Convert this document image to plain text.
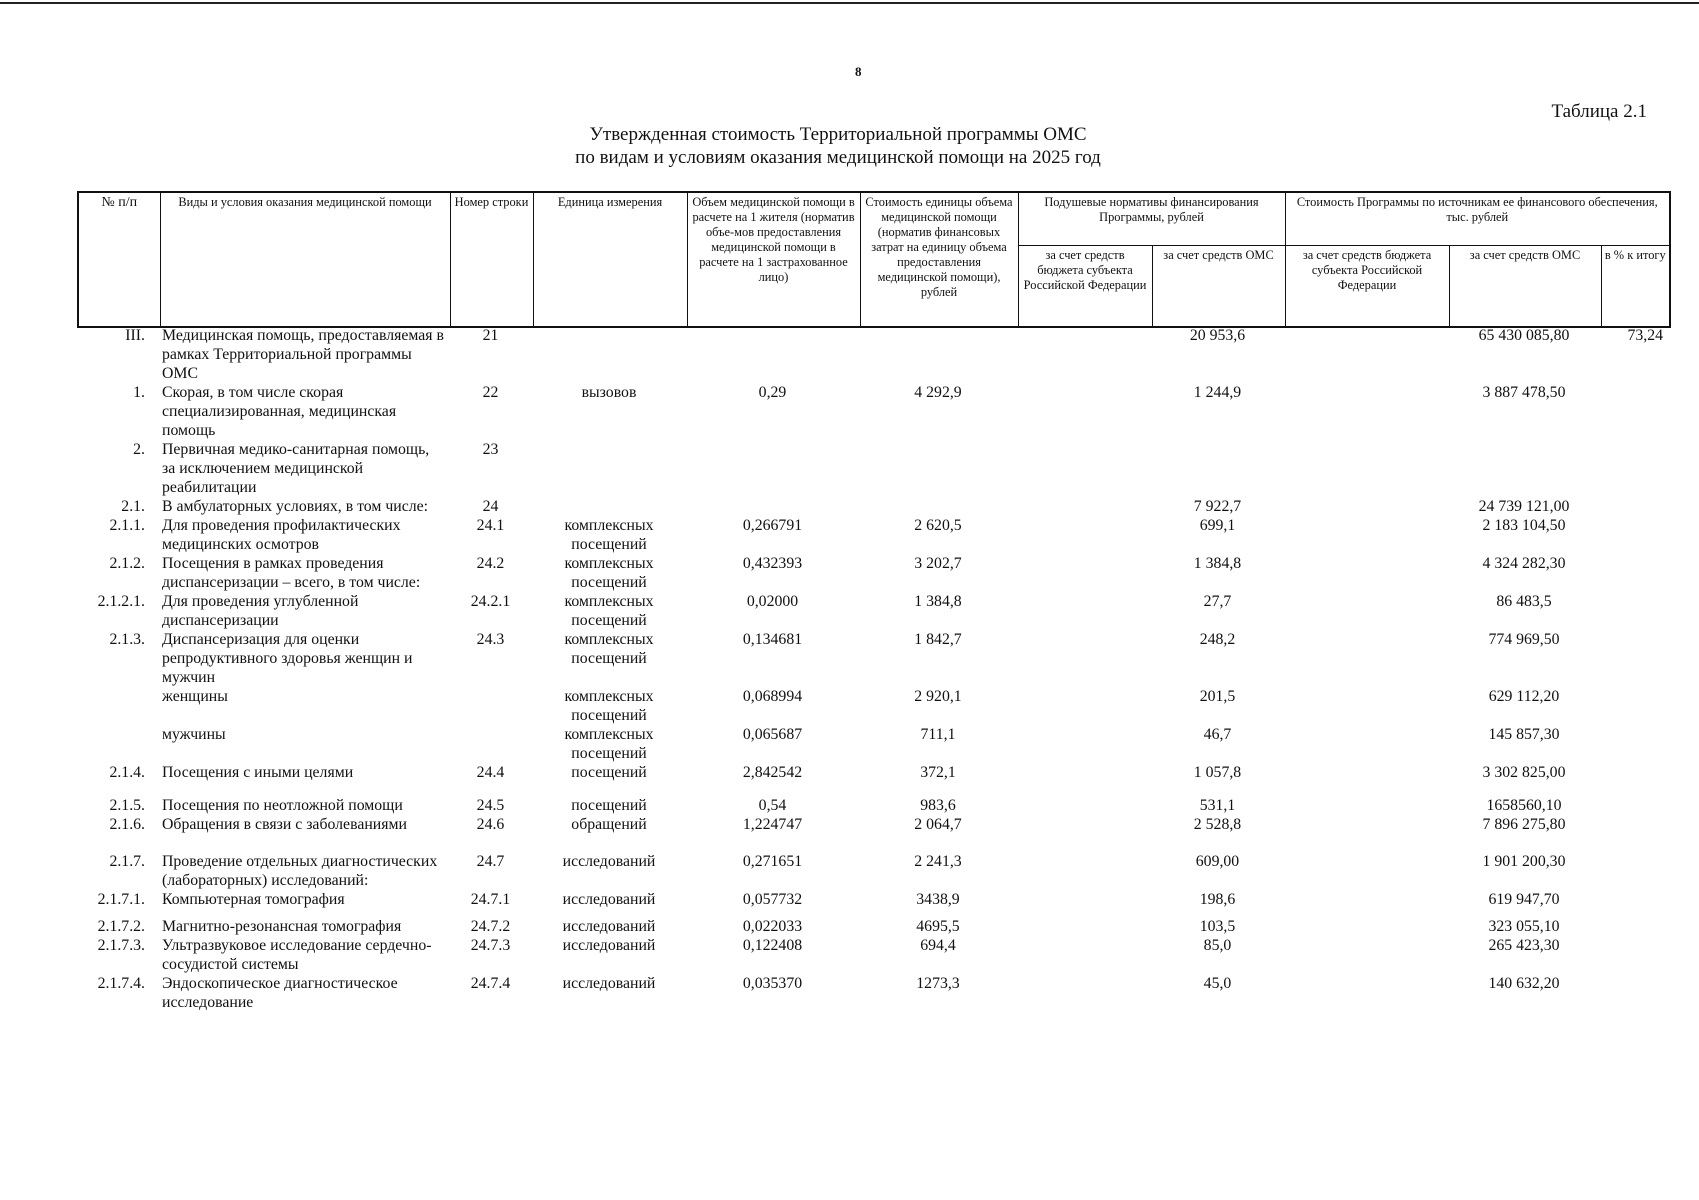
8
Таблица 2.1
Утвержденная стоимость Территориальной программы ОМС
по видам и условиям оказания медицинской помощи на 2025 год
№ п/п	Виды и условия оказания медицинской помощи	Номер строки	Единица измерения	Объем медицинской помощи в расчете на 1 жителя (норматив объе-мов предоставления медицинской помощи в расчете на 1 застрахованное лицо)	Стоимость единицы объема медицинской помощи (норматив финансовых затрат на единицу объема предоставления медицинской помощи), рублей	Подушевые нормативы финансирования Программы, рублей		Стоимость Программы по источникам ее финансового обеспечения, тыс. рублей		
						за счет средств бюджета субъекта Российской Федерации	за счет средств ОМС	за счет средств бюджета субъекта Российской Федерации	за счет средств ОМС	в % к итогу
III.	Медицинская помощь, предоставляемая в рамках Территориальной программы ОМС	21					20 953,6		65 430 085,80	73,24
1.	Скорая, в том числе скорая специализированная, медицинская помощь	22	вызовов	0,29	4 292,9		1 244,9		3 887 478,50	
2.	Первичная медико-санитарная помощь, за исключением медицинской реабилитации	23								
2.1.	В амбулаторных условиях, в том числе:	24					7 922,7		24 739 121,00	
2.1.1.	Для проведения профилактических медицинских осмотров	24.1	комплексных посещений	0,266791	2 620,5		699,1		2 183 104,50	
2.1.2.	Посещения в рамках проведения диспансеризации – всего, в том числе:	24.2	комплексных посещений	0,432393	3 202,7		1 384,8		4 324 282,30	
2.1.2.1.	Для проведения углубленной диспансеризации	24.2.1	комплексных посещений	0,02000	1 384,8		27,7		86 483,5	
2.1.3.	Диспансеризация для оценки репродуктивного здоровья женщин и мужчин	24.3	комплексных посещений	0,134681	1 842,7		248,2		774 969,50	
	женщины		комплексных посещений	0,068994	2 920,1		201,5		629 112,20	
	мужчины		комплексных посещений	0,065687	711,1		46,7		145 857,30	
2.1.4.	Посещения с иными целями	24.4	посещений	2,842542	372,1		1 057,8		3 302 825,00	

2.1.5.	Посещения по неотложной помощи	24.5	посещений	0,54	983,6		531,1		1658560,10	
2.1.6.	Обращения в связи с заболеваниями	24.6	обращений	1,224747	2 064,7		2 528,8		7 896 275,80	

2.1.7.	Проведение отдельных диагностических (лабораторных) исследований:	24.7	исследований	0,271651	2 241,3		609,00		1 901 200,30	
2.1.7.1.	Компьютерная томография	24.7.1	исследований	0,057732	3438,9		198,6		619 947,70	

2.1.7.2.	Магнитно-резонансная томография	24.7.2	исследований	0,022033	4695,5		103,5		323 055,10	
2.1.7.3.	Ультразвуковое исследование сердечно-сосудистой системы	24.7.3	исследований	0,122408	694,4		85,0		265 423,30	
2.1.7.4.	Эндоскопическое диагностическое исследование	24.7.4	исследований	0,035370	1273,3		45,0		140 632,20	
